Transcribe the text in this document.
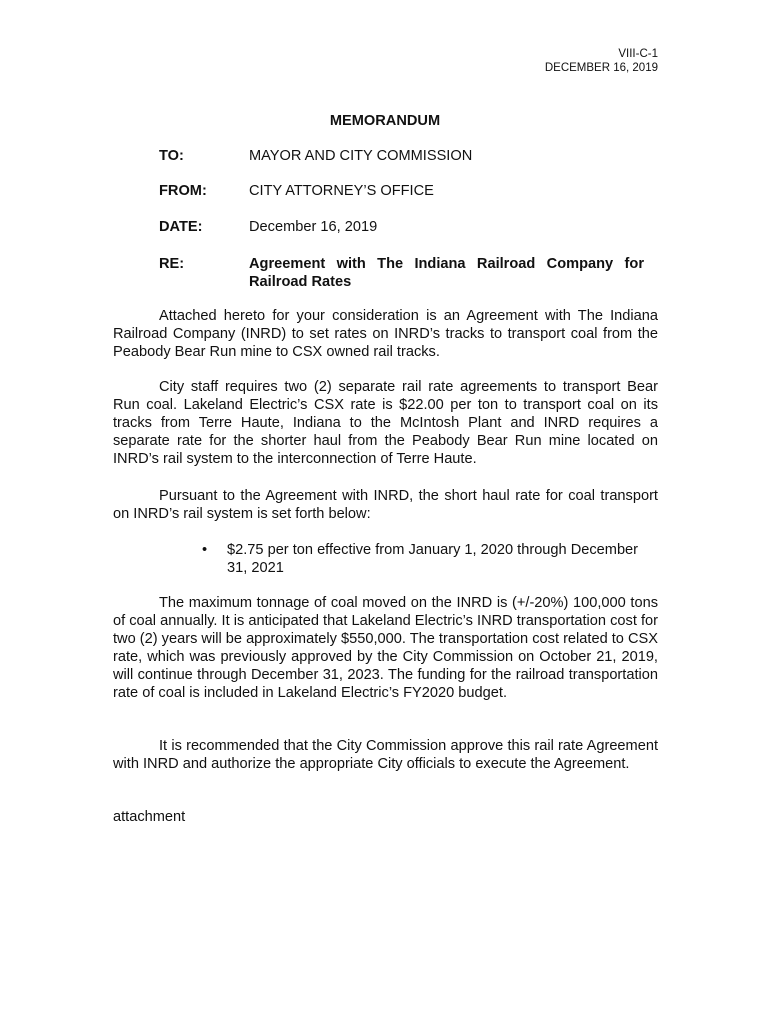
VIII-C-1
DECEMBER 16, 2019
MEMORANDUM
TO:	MAYOR AND CITY COMMISSION
FROM:	CITY ATTORNEY’S OFFICE
DATE:	December 16, 2019
RE:	Agreement with The Indiana Railroad Company for Railroad Rates
Attached hereto for your consideration is an Agreement with The Indiana Railroad Company (INRD) to set rates on INRD’s tracks to transport coal from the Peabody Bear Run mine to CSX owned rail tracks.
City staff requires two (2) separate rail rate agreements to transport Bear Run coal. Lakeland Electric’s CSX rate is $22.00 per ton to transport coal on its tracks from Terre Haute, Indiana to the McIntosh Plant and INRD requires a separate rate for the shorter haul from the Peabody Bear Run mine located on INRD’s rail system to the interconnection of Terre Haute.
Pursuant to the Agreement with INRD, the short haul rate for coal transport on INRD’s rail system is set forth below:
• $2.75 per ton effective from January 1, 2020 through December 31, 2021
The maximum tonnage of coal moved on the INRD is (+/-20%) 100,000 tons of coal annually. It is anticipated that Lakeland Electric’s INRD transportation cost for two (2) years will be approximately $550,000. The transportation cost related to CSX rate, which was previously approved by the City Commission on October 21, 2019, will continue through December 31, 2023. The funding for the railroad transportation rate of coal is included in Lakeland Electric’s FY2020 budget.
It is recommended that the City Commission approve this rail rate Agreement with INRD and authorize the appropriate City officials to execute the Agreement.
attachment
